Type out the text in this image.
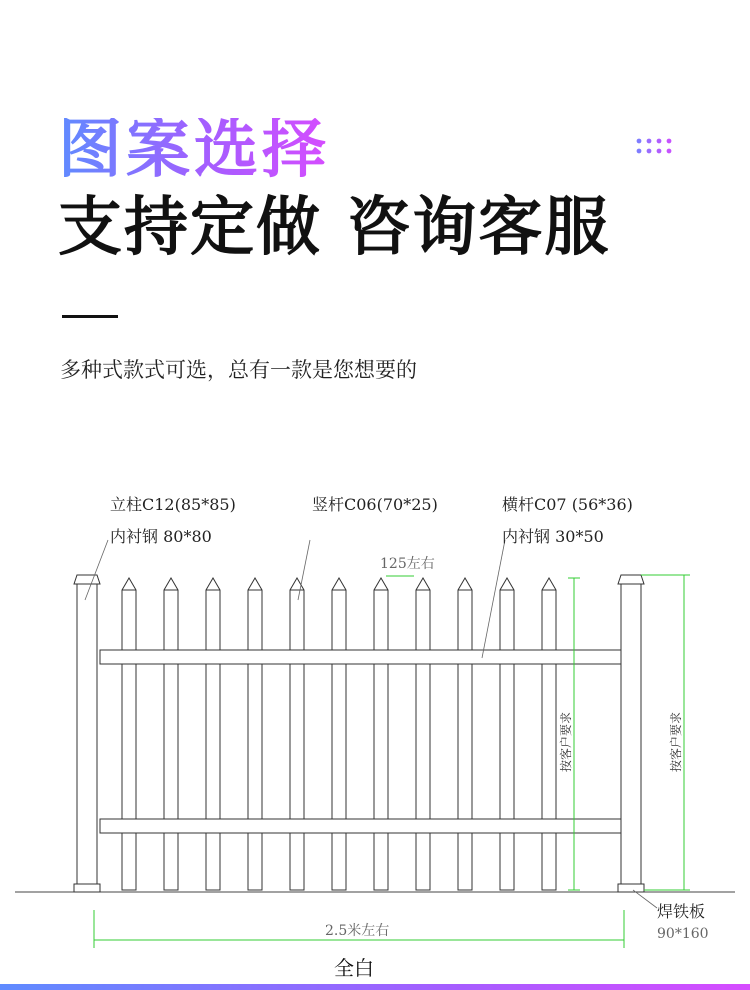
图案选择
支持定做 咨询客服
多种式款式可选，总有一款是您想要的
立柱C12(85*85)
内衬钢 80*80
竖杆C06(70*25)	横杆C07 (56*36)
内衬钢 30*50
125左右
按客户要求	按客户要求
2.5米左右
焊铁板
90*160
全白
